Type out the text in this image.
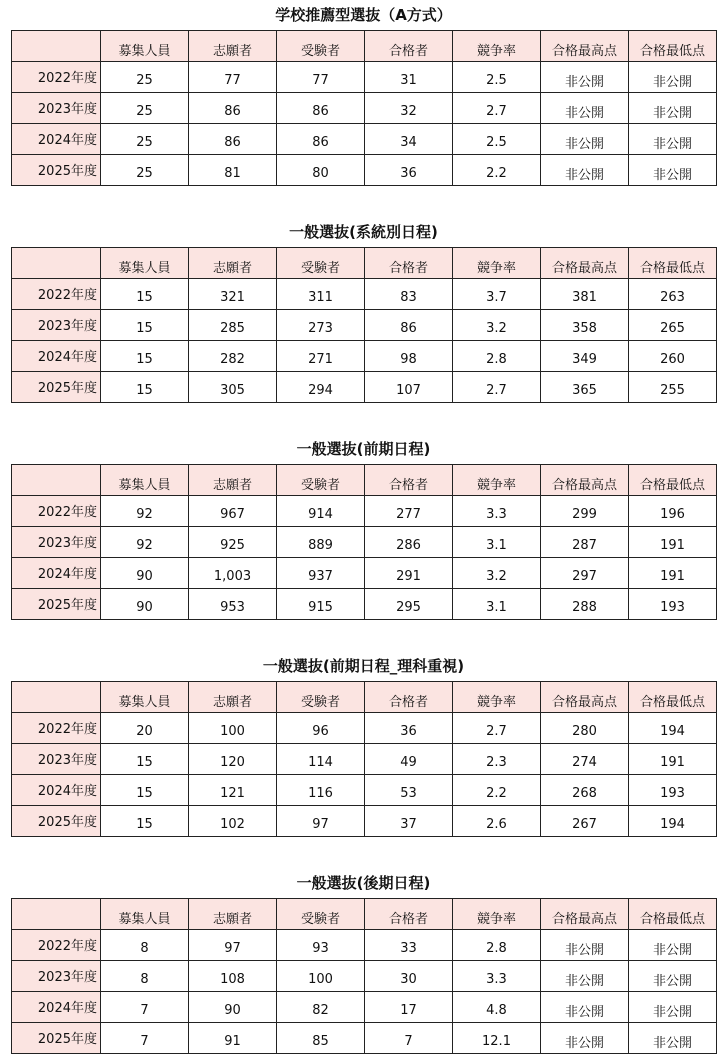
学校推薦型選抜（A方式）
	募集人員	志願者	受験者	合格者	競争率	合格最高点	合格最低点
2022年度	25	77	77	31	2.5	非公開	非公開
2023年度	25	86	86	32	2.7	非公開	非公開
2024年度	25	86	86	34	2.5	非公開	非公開
2025年度	25	81	80	36	2.2	非公開	非公開
一般選抜(系統別日程)
	募集人員	志願者	受験者	合格者	競争率	合格最高点	合格最低点
2022年度	15	321	311	83	3.7	381	263
2023年度	15	285	273	86	3.2	358	265
2024年度	15	282	271	98	2.8	349	260
2025年度	15	305	294	107	2.7	365	255
一般選抜(前期日程)
	募集人員	志願者	受験者	合格者	競争率	合格最高点	合格最低点
2022年度	92	967	914	277	3.3	299	196
2023年度	92	925	889	286	3.1	287	191
2024年度	90	1,003	937	291	3.2	297	191
2025年度	90	953	915	295	3.1	288	193
一般選抜(前期日程_理科重視)
	募集人員	志願者	受験者	合格者	競争率	合格最高点	合格最低点
2022年度	20	100	96	36	2.7	280	194
2023年度	15	120	114	49	2.3	274	191
2024年度	15	121	116	53	2.2	268	193
2025年度	15	102	97	37	2.6	267	194
一般選抜(後期日程)
	募集人員	志願者	受験者	合格者	競争率	合格最高点	合格最低点
2022年度	8	97	93	33	2.8	非公開	非公開
2023年度	8	108	100	30	3.3	非公開	非公開
2024年度	7	90	82	17	4.8	非公開	非公開
2025年度	7	91	85	7	12.1	非公開	非公開
